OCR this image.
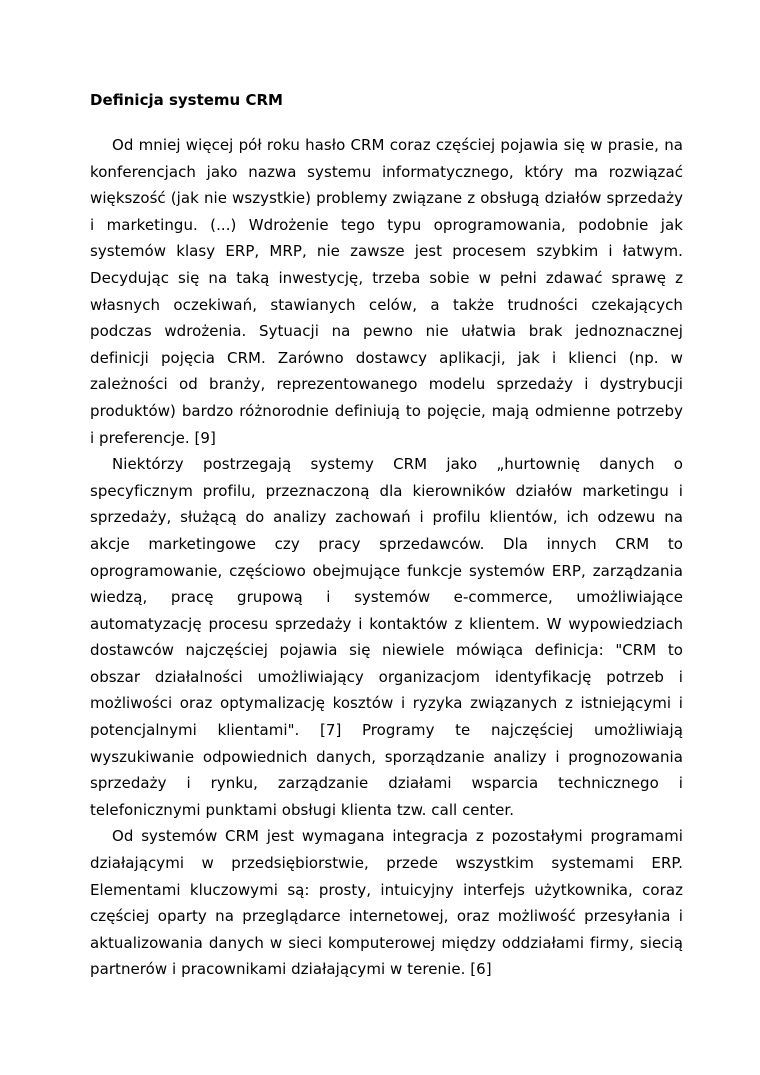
Definicja systemu CRM

Od mniej więcej pół roku hasło CRM coraz częściej pojawia się w prasie, na konferencjach jako nazwa systemu informatycznego, który ma rozwiązać większość (jak nie wszystkie) problemy związane z obsługą działów sprzedaży i marketingu. (...) Wdrożenie tego typu oprogramowania, podobnie jak systemów klasy ERP, MRP, nie zawsze jest procesem szybkim i łatwym. Decydując się na taką inwestycję, trzeba sobie w pełni zdawać sprawę z własnych oczekiwań, stawianych celów, a także trudności czekających podczas wdrożenia. Sytuacji na pewno nie ułatwia brak jednoznacznej definicji pojęcia CRM. Zarówno dostawcy aplikacji, jak i klienci (np. w zależności od branży, reprezentowanego modelu sprzedaży i dystrybucji produktów) bardzo różnorodnie definiują to pojęcie, mają odmienne potrzeby i preferencje. [9]

Niektórzy postrzegają systemy CRM jako „hurtownię danych o specyficznym profilu, przeznaczoną dla kierowników działów marketingu i sprzedaży, służącą do analizy zachowań i profilu klientów, ich odzewu na akcje marketingowe czy pracy sprzedawców. Dla innych CRM to oprogramowanie, częściowo obejmujące funkcje systemów ERP, zarządzania wiedzą, pracę grupową i systemów e-commerce, umożliwiające automatyzację procesu sprzedaży i kontaktów z klientem. W wypowiedziach dostawców najczęściej pojawia się niewiele mówiąca definicja: "CRM to obszar działalności umożliwiający organizacjom identyfikację potrzeb i możliwości oraz optymalizację kosztów i ryzyka związanych z istniejącymi i potencjalnymi klientami". [7] Programy te najczęściej umożliwiają wyszukiwanie odpowiednich danych, sporządzanie analizy i prognozowania sprzedaży i rynku, zarządzanie działami wsparcia technicznego i telefonicznymi punktami obsługi klienta tzw. call center.

Od systemów CRM jest wymagana integracja z pozostałymi programami działającymi w przedsiębiorstwie, przede wszystkim systemami ERP. Elementami kluczowymi są: prosty, intuicyjny interfejs użytkownika, coraz częściej oparty na przeglądarce internetowej, oraz możliwość przesyłania i aktualizowania danych w sieci komputerowej między oddziałami firmy, siecią partnerów i pracownikami działającymi w terenie. [6]
